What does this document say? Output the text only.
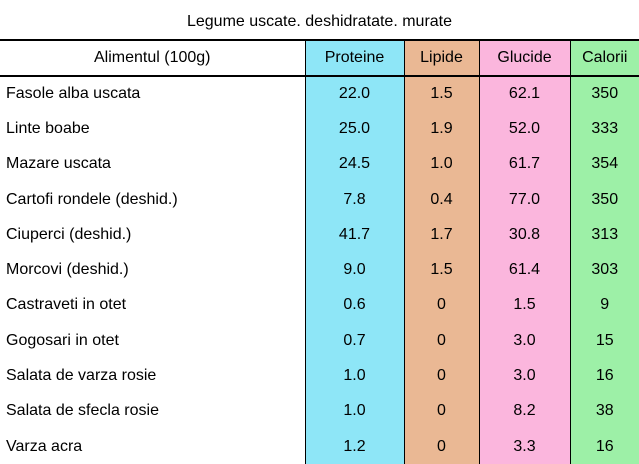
Legume uscate. deshidratate. murate
Alimentul (100g)	Proteine	Lipide	Glucide	Calorii
Fasole alba uscata	22.0	1.5	62.1	350
Linte boabe	25.0	1.9	52.0	333
Mazare uscata	24.5	1.0	61.7	354
Cartofi rondele (deshid.)	7.8	0.4	77.0	350
Ciuperci (deshid.)	41.7	1.7	30.8	313
Morcovi (deshid.)	9.0	1.5	61.4	303
Castraveti in otet	0.6	0	1.5	9
Gogosari in otet	0.7	0	3.0	15
Salata de varza rosie	1.0	0	3.0	16
Salata de sfecla rosie	1.0	0	8.2	38
Varza acra	1.2	0	3.3	16
